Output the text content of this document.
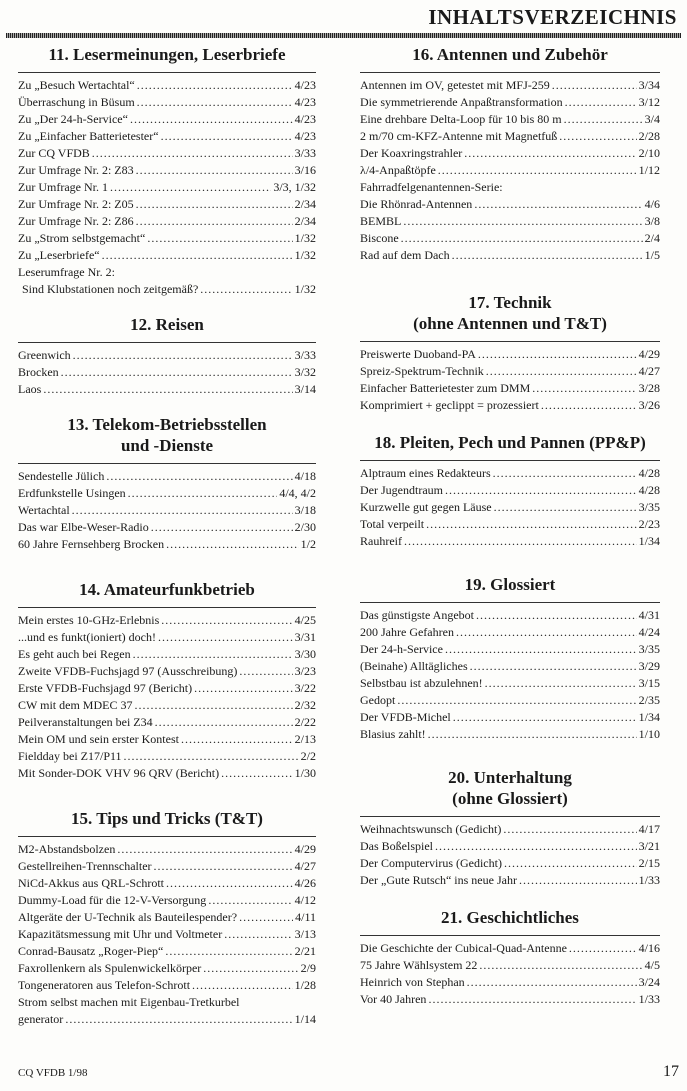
INHALTSVERZEICHNIS
11. Lesermeinungen, Leserbriefe
Zu „Besuch Wertachtal“ .....	4/23
Überraschung in Büsum .....	4/23
Zu „Der 24-h-Service“ .....	4/23
Zu „Einfacher Batterietester“ .....	4/23
Zur CQ VFDB .....	3/33
Zur Umfrage Nr. 2: Z83 .....	3/16
Zur Umfrage Nr. 1 .....	3/3, 1/32
Zur Umfrage Nr. 2: Z05 .....	2/34
Zur Umfrage Nr. 2: Z86 .....	2/34
Zu „Strom selbstgemacht“ .....	1/32
Zu „Leserbriefe“ .....	1/32
Leserumfrage Nr. 2:
Sind Klubstationen noch zeitgemäß? .....	1/32
12. Reisen
Greenwich .....	3/33
Brocken .....	3/32
Laos .....	3/14
13. Telekom-Betriebsstellen
und -Dienste
Sendestelle Jülich .....	4/18
Erdfunkstelle Usingen .....	4/4, 4/2
Wertachtal .....	3/18
Das war Elbe-Weser-Radio .....	2/30
60 Jahre Fernsehberg Brocken .....	1/2
14. Amateurfunkbetrieb
Mein erstes 10-GHz-Erlebnis .....	4/25
...und es funkt(ioniert) doch! .....	3/31
Es geht auch bei Regen .....	3/30
Zweite VFDB-Fuchsjagd 97 (Ausschreibung) .....	3/23
Erste VFDB-Fuchsjagd 97 (Bericht) .....	3/22
CW mit dem MDEC 37 .....	2/32
Peilveranstaltungen bei Z34 .....	2/22
Mein OM und sein erster Kontest .....	2/13
Fieldday bei Z17/P11 .....	2/2
Mit Sonder-DOK VHV 96 QRV (Bericht) .....	1/30
15. Tips und Tricks (T&T)
M2-Abstandsbolzen .....	4/29
Gestellreihen-Trennschalter .....	4/27
NiCd-Akkus aus QRL-Schrott .....	4/26
Dummy-Load für die 12-V-Versorgung .....	4/12
Altgeräte der U-Technik als Bauteilespender? .....	4/11
Kapazitätsmessung mit Uhr und Voltmeter .....	3/13
Conrad-Bausatz „Roger-Piep“ .....	2/21
Faxrollenkern als Spulenwickelkörper .....	2/9
Tongeneratoren aus Telefon-Schrott .....	1/28
Strom selbst machen mit Eigenbau-Tretkurbel
generator .....	1/14
16. Antennen und Zubehör
Antennen im OV, getestet mit MFJ-259 .....	3/34
Die symmetrierende Anpaßtransformation .....	3/12
Eine drehbare Delta-Loop für 10 bis 80 m .....	3/4
2 m/70 cm-KFZ-Antenne mit Magnetfuß .....	2/28
Der Koaxringstrahler .....	2/10
λ/4-Anpaßtöpfe .....	1/12
Fahrradfelgenantennen-Serie:
Die Rhönrad-Antennen .....	4/6
BEMBL .....	3/8
Biscone .....	2/4
Rad auf dem Dach .....	1/5
17. Technik
(ohne Antennen und T&T)
Preiswerte Duoband-PA .....	4/29
Spreiz-Spektrum-Technik .....	4/27
Einfacher Batterietester zum DMM .....	3/28
Komprimiert + geclippt = prozessiert .....	3/26
18. Pleiten, Pech und Pannen (PP&P)
Alptraum eines Redakteurs .....	4/28
Der Jugendtraum .....	4/28
Kurzwelle gut gegen Läuse .....	3/35
Total verpeilt .....	2/23
Rauhreif .....	1/34
19. Glossiert
Das günstigste Angebot .....	4/31
200 Jahre Gefahren .....	4/24
Der 24-h-Service .....	3/35
(Beinahe) Alltägliches .....	3/29
Selbstbau ist abzulehnen! .....	3/15
Gedopt .....	2/35
Der VFDB-Michel .....	1/34
Blasius zahlt! .....	1/10
20. Unterhaltung
(ohne Glossiert)
Weihnachtswunsch (Gedicht) .....	4/17
Das Boßelspiel .....	3/21
Der Computervirus (Gedicht) .....	2/15
Der „Gute Rutsch“ ins neue Jahr .....	1/33
21. Geschichtliches
Die Geschichte der Cubical-Quad-Antenne .....	4/16
75 Jahre Wählsystem 22 .....	4/5
Heinrich von Stephan .....	3/24
Vor 40 Jahren .....	1/33
CQ VFDB 1/98	17
